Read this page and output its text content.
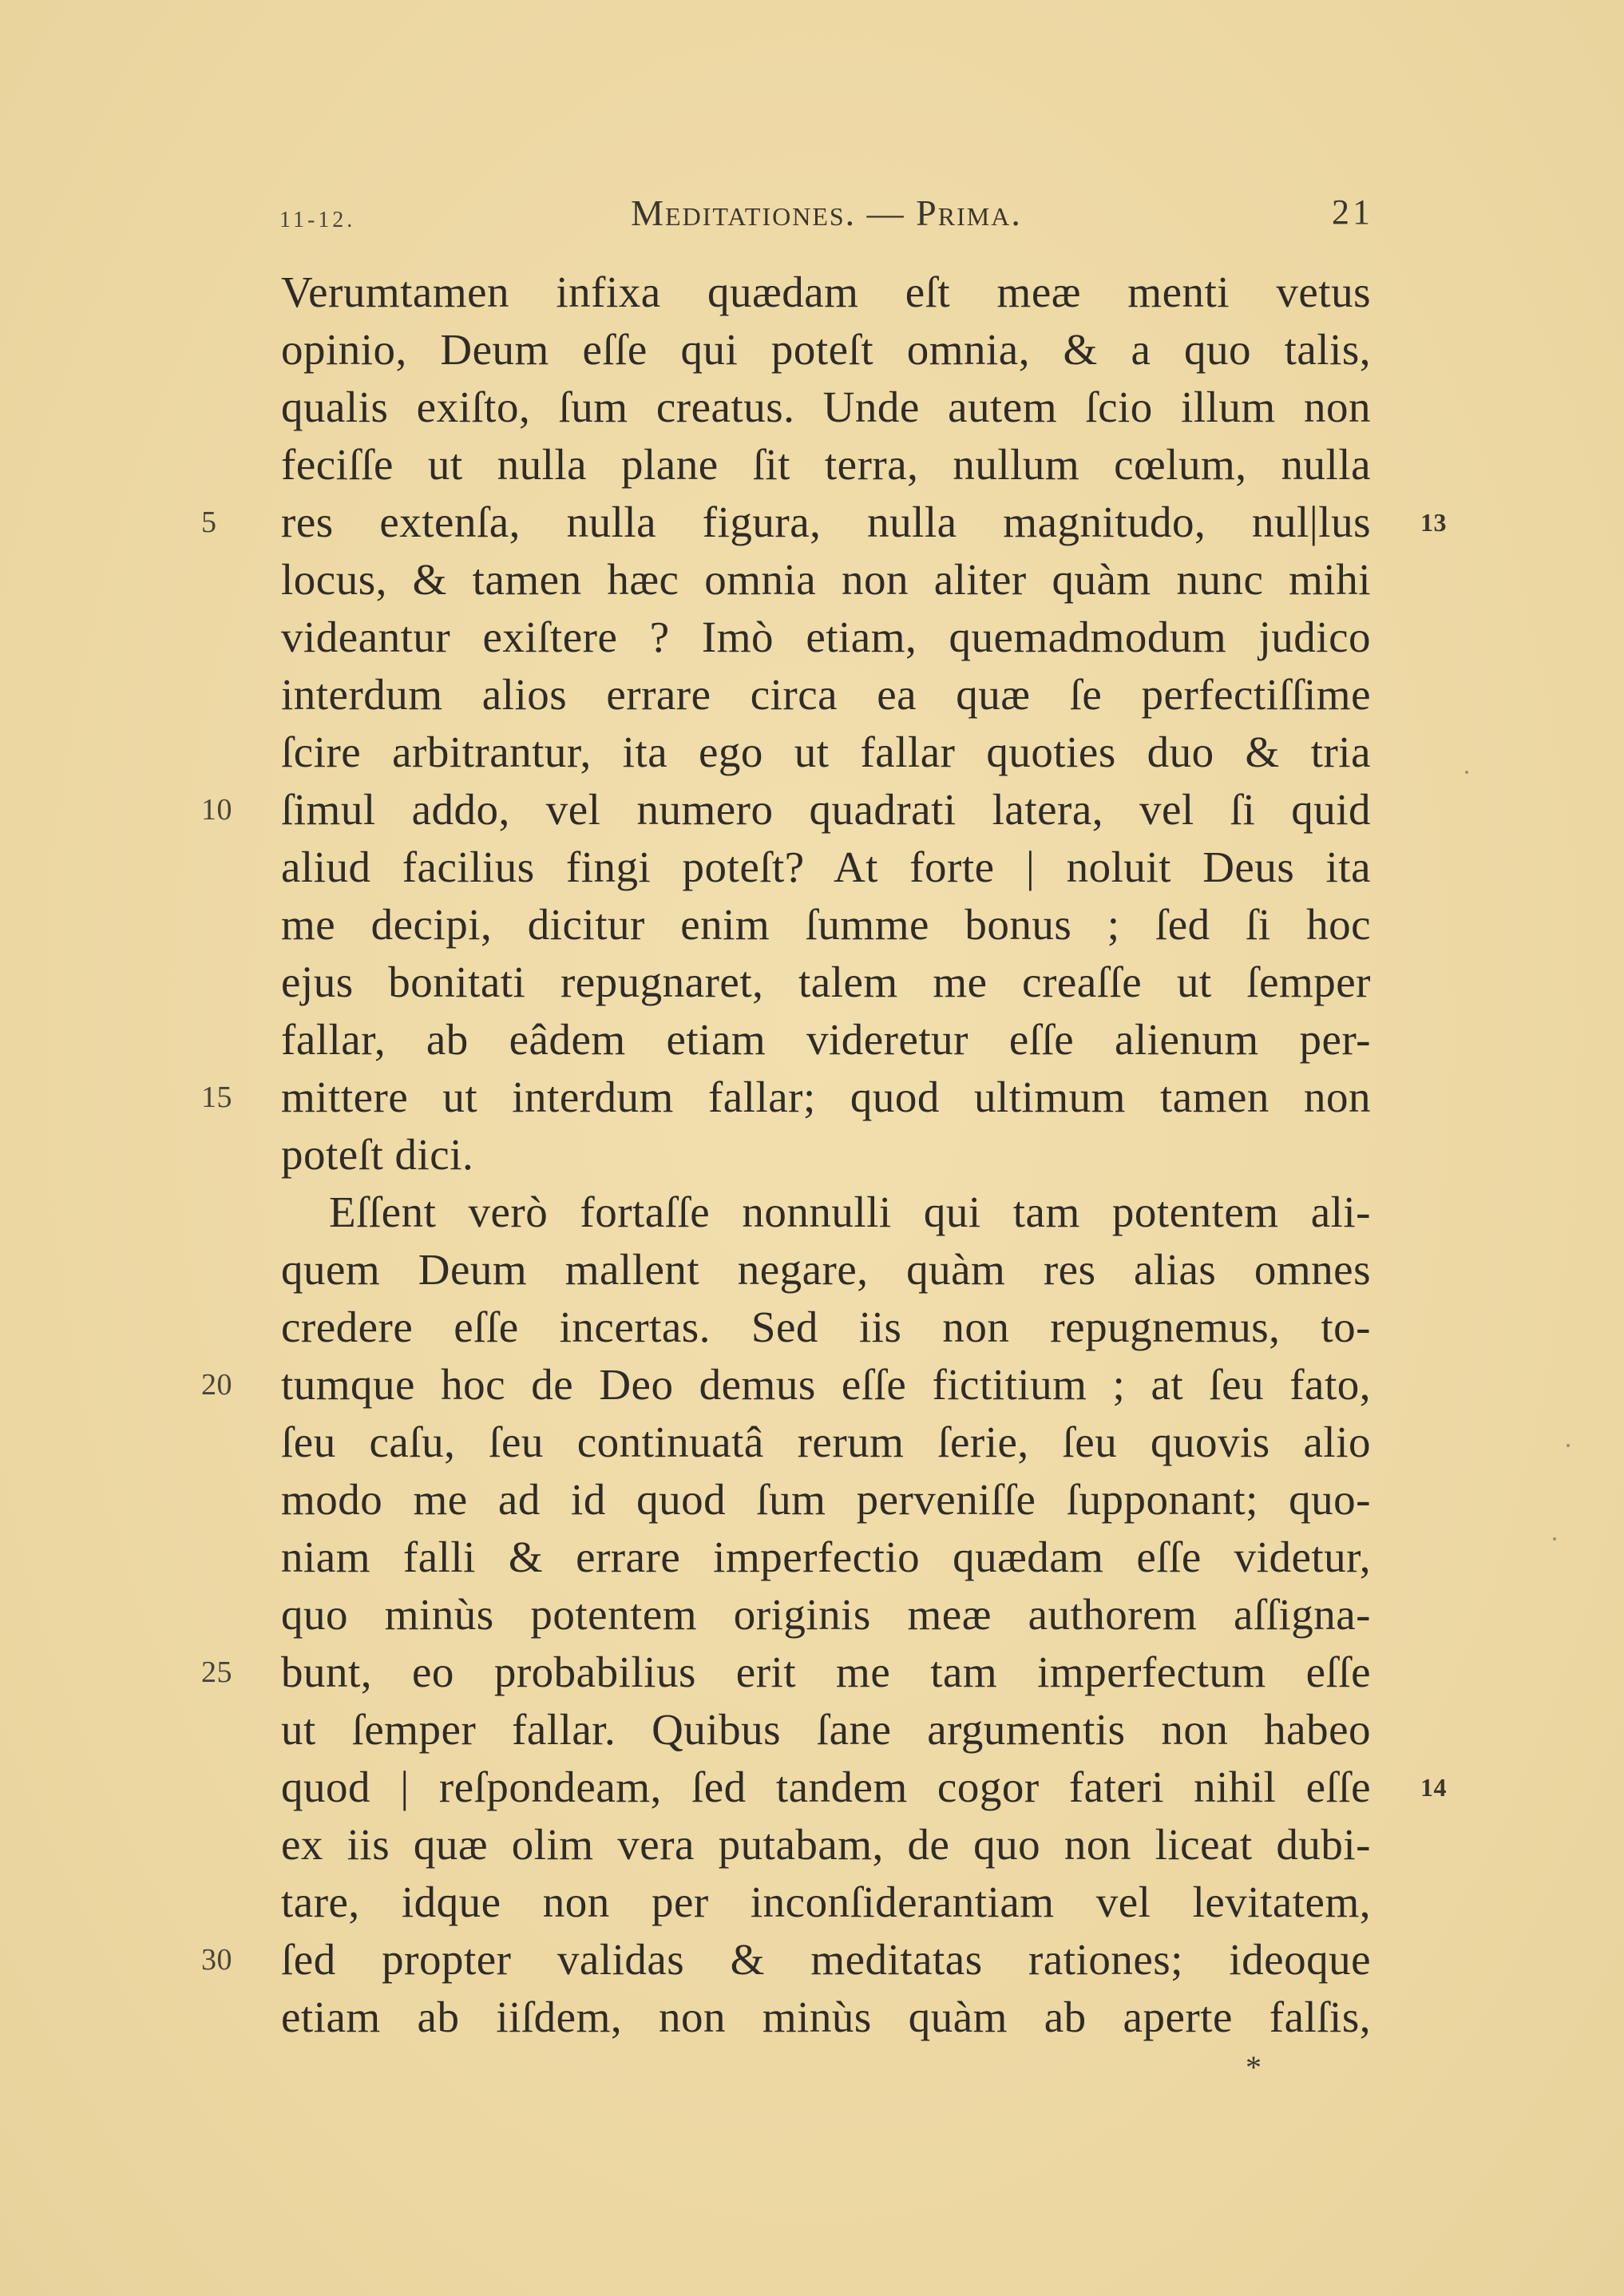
11-12.	Meditationes. — Prima.	21
Verumtamen infixa quædam eſt meæ menti vetus
opinio, Deum eſſe qui poteſt omnia, & a quo talis,
qualis exiſto, ſum creatus. Unde autem ſcio illum non
feciſſe ut nulla plane ſit terra, nullum cœlum, nulla
res extenſa, nulla figura, nulla magnitudo, nul|lus
5	13
locus, & tamen hæc omnia non aliter quàm nunc mihi
videantur exiſtere ? Imò etiam, quemadmodum judico
interdum alios errare circa ea quæ ſe perfectiſſime
ſcire arbitrantur, ita ego ut fallar quoties duo & tria
ſimul addo, vel numero quadrati latera, vel ſi quid
10
aliud facilius fingi poteſt? At forte | noluit Deus ita
me decipi, dicitur enim ſumme bonus ; ſed ſi hoc
ejus bonitati repugnaret, talem me creaſſe ut ſemper
fallar, ab eâdem etiam videretur eſſe alienum per-
mittere ut interdum fallar; quod ultimum tamen non
15
poteſt dici.
Eſſent verò fortaſſe nonnulli qui tam potentem ali-
quem Deum mallent negare, quàm res alias omnes
credere eſſe incertas. Sed iis non repugnemus, to-
tumque hoc de Deo demus eſſe fictitium ; at ſeu fato,
20
ſeu caſu, ſeu continuatâ rerum ſerie, ſeu quovis alio
modo me ad id quod ſum perveniſſe ſupponant; quo-
niam falli & errare imperfectio quædam eſſe videtur,
quo minùs potentem originis meæ authorem aſſigna-
bunt, eo probabilius erit me tam imperfectum eſſe
25
ut ſemper fallar. Quibus ſane argumentis non habeo
quod | reſpondeam, ſed tandem cogor fateri nihil eſſe 14
ex iis quæ olim vera putabam, de quo non liceat dubi-
tare, idque non per inconſiderantiam vel levitatem,
ſed propter validas & meditatas rationes; ideoque
30
etiam ab iiſdem, non minùs quàm ab aperte falſis,
*
